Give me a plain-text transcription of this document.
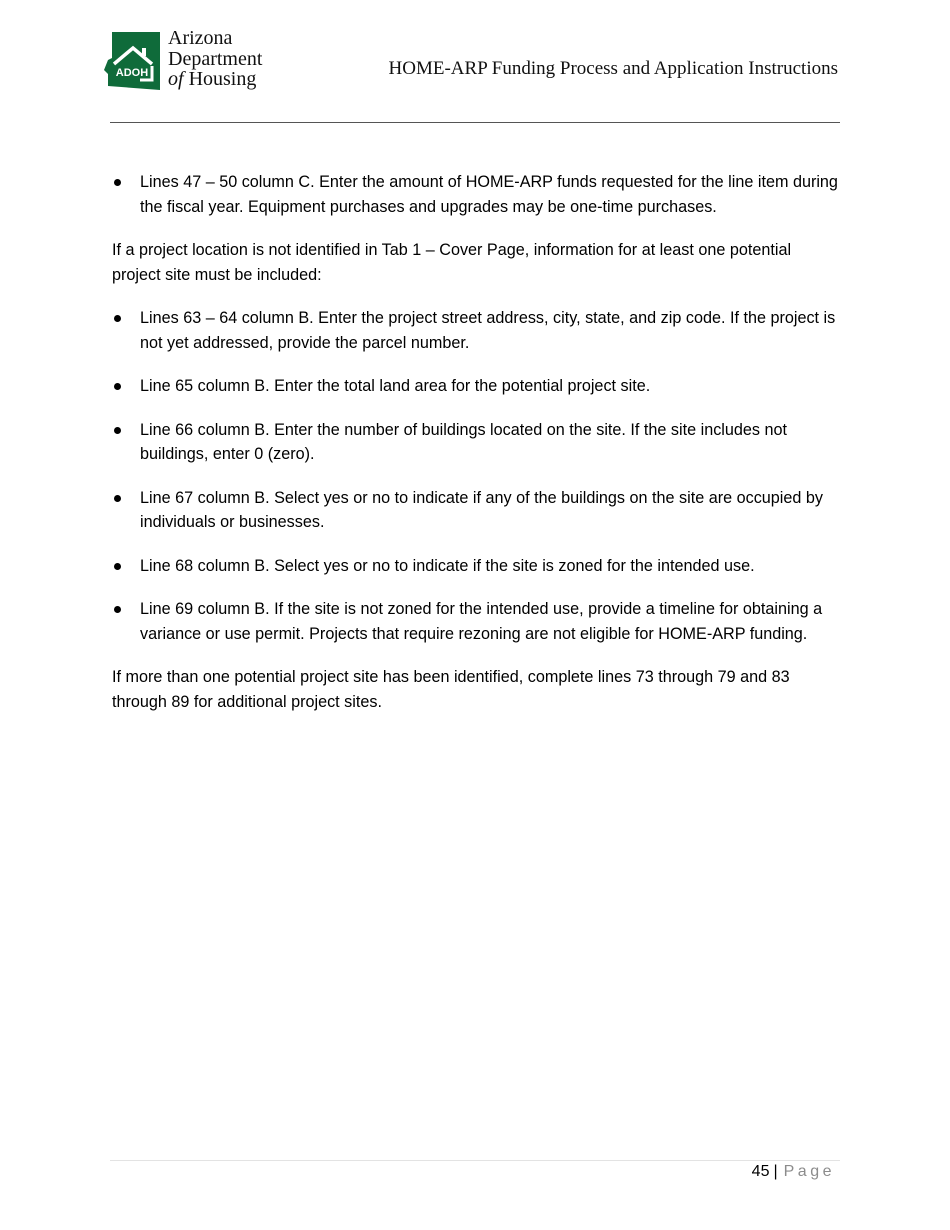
ADOH
Arizona
Department
of Housing	HOME-ARP Funding Process and Application Instructions
Lines 47 – 50 column C. Enter the amount of HOME-ARP funds requested for the line item during the fiscal year. Equipment purchases and upgrades may be one-time purchases.

If a project location is not identified in Tab 1 – Cover Page, information for at least one potential project site must be included:

Lines 63 – 64 column B. Enter the project street address, city, state, and zip code. If the project is not yet addressed, provide the parcel number.
Line 65 column B. Enter the total land area for the potential project site.
Line 66 column B. Enter the number of buildings located on the site. If the site includes not buildings, enter 0 (zero).
Line 67 column B. Select yes or no to indicate if any of the buildings on the site are occupied by individuals or businesses.
Line 68 column B. Select yes or no to indicate if the site is zoned for the intended use.
Line 69 column B. If the site is not zoned for the intended use, provide a timeline for obtaining a variance or use permit. Projects that require rezoning are not eligible for HOME-ARP funding.

If more than one potential project site has been identified, complete lines 73 through 79 and 83 through 89 for additional project sites.

45 | Page
